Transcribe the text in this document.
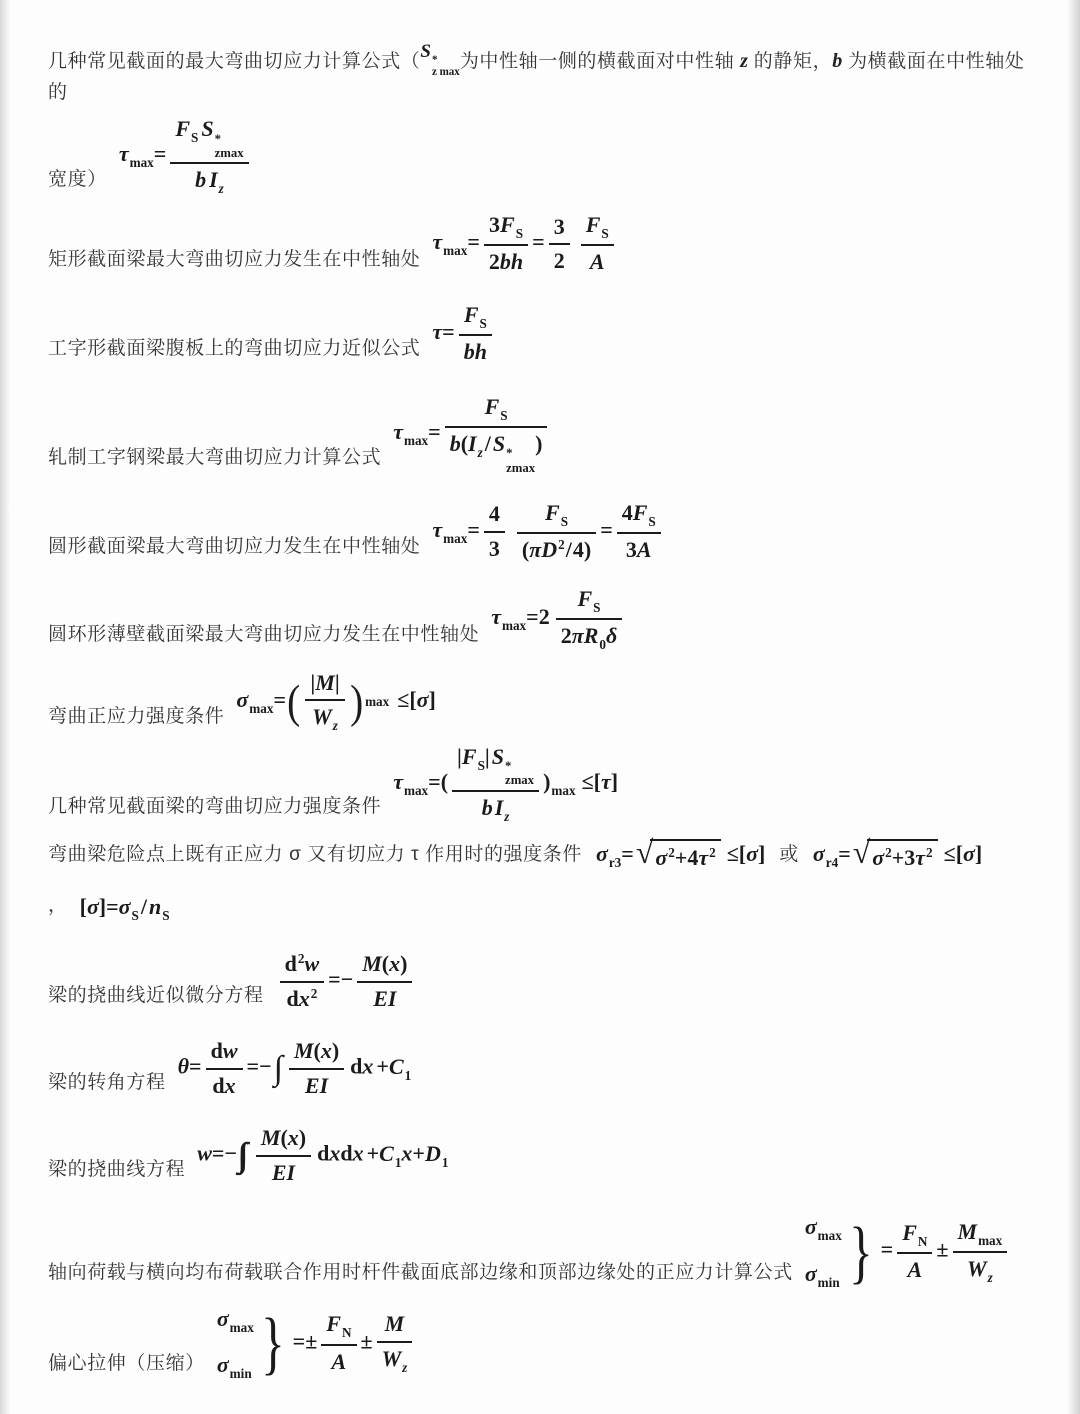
几种常见截面的最大弯曲切应力计算公式（S *
z max
为中性轴一侧的横截面对中性轴 z 的静矩，b 为横截面在中性轴处的
宽度）
$\tau_{max}=$
$F_S$ S *
zmax
b $I_z$
矩形截面梁最大弯曲切应力发生在中性轴处
$\tau_{max}= \frac{3F_S}{2bh} = \frac{3}{2} \frac{F_S}{A}$
工字形截面梁腹板上的弯曲切应力近似公式
$\tau= \frac{F_S}{bh}$
轧制工字钢梁最大弯曲切应力计算公式
$\tau_{max}=$
$F_S$
$b(I_z/S$ *
zmax
)
圆形截面梁最大弯曲切应力发生在中性轴处
$\tau_{max}= \frac{4}{3} \frac{F_S}{(\pi D^2/4)} = \frac{4F_S}{3A}$
圆环形薄壁截面梁最大弯曲切应力发生在中性轴处
$\tau_{max}=2 \frac{F_S}{2\pi R_0\delta}$
弯曲正应力强度条件
$\sigma_{max}=$ ( $\frac{|M|}{W_z}$ ) max ≤[σ]
几种常见截面梁的弯曲切应力强度条件
$\tau_{max}=$(
$|F_S|S$ *
zmax
$bI_z$
)$_{max} \le[\tau]$
弯曲梁危险点上既有正应力 σ 又有切应力 τ 作用时的强度条件 $\sigma_{r3}=$ √ $\sigma^2+4\tau^2 \le[\sigma]$ 或 $\sigma_{r4}=$ √ $\sigma^2+3\tau^2 \le[\sigma]$
， $[\sigma]=\sigma_S/n_S$
梁的挠曲线近似微分方程 $\frac{d^2w}{dx^2} =- \frac{M(x)}{EI}$
梁的转角方程
$\theta= \frac{dw}{dx}$ =−∫ $\frac{M(x)}{EI}$ dx $+C_1$
梁的挠曲线方程
$w=- \frac{M(x)}{EI}$ dxdx $+C_1x+D_1$
轴向荷载与横向均布荷载联合作用时杆件截面底部边缘和顶部边缘处的正应力计算公式
$\sigma_{max}$
$\sigma_{min}$ } = $\frac{F_N}{A}$ ±
$M_{max}$
$W_z$
偏心拉伸（压缩）
$\sigma_{max}$
$\sigma_{min}$ } =± $\frac{F_N}{A} \pm \frac{M}{W_z}$
